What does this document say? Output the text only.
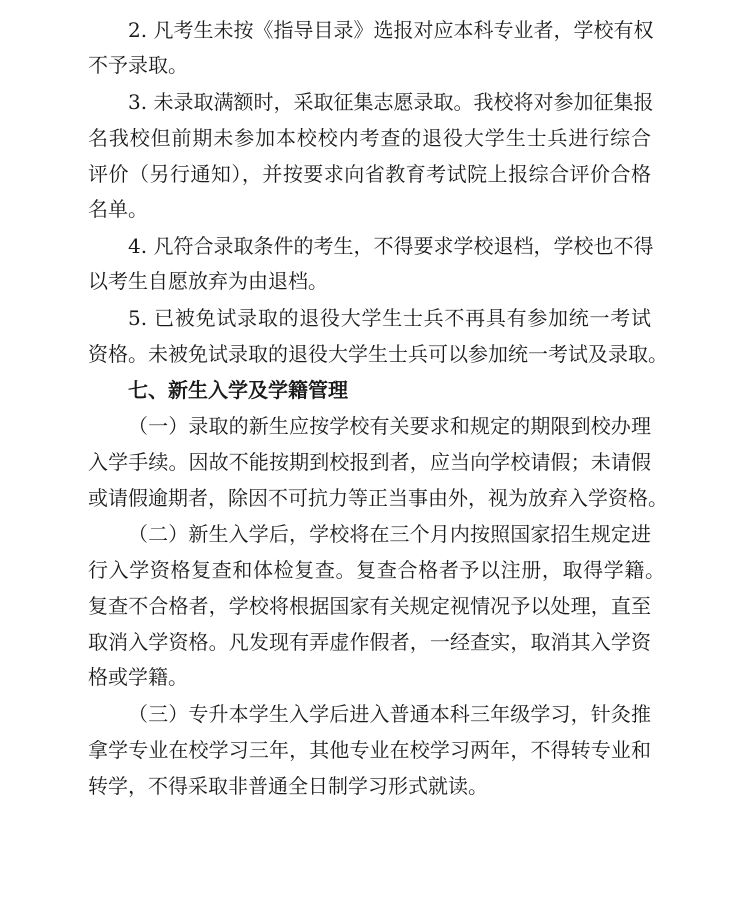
2. 凡考生未按《指导目录》选报对应本科专业者，学校有权
不予录取。
3. 未录取满额时，采取征集志愿录取。我校将对参加征集报
名我校但前期未参加本校校内考查的退役大学生士兵进行综合
评价（另行通知），并按要求向省教育考试院上报综合评价合格
名单。
4. 凡符合录取条件的考生，不得要求学校退档，学校也不得
以考生自愿放弃为由退档。
5. 已被免试录取的退役大学生士兵不再具有参加统一考试
资格。未被免试录取的退役大学生士兵可以参加统一考试及录取。
七、新生入学及学籍管理
（一）录取的新生应按学校有关要求和规定的期限到校办理
入学手续。因故不能按期到校报到者，应当向学校请假；未请假
或请假逾期者，除因不可抗力等正当事由外，视为放弃入学资格。
（二）新生入学后，学校将在三个月内按照国家招生规定进
行入学资格复查和体检复查。复查合格者予以注册，取得学籍。
复查不合格者，学校将根据国家有关规定视情况予以处理，直至
取消入学资格。凡发现有弄虚作假者，一经查实，取消其入学资
格或学籍。
（三）专升本学生入学后进入普通本科三年级学习，针灸推
拿学专业在校学习三年，其他专业在校学习两年，不得转专业和
转学，不得采取非普通全日制学习形式就读。
